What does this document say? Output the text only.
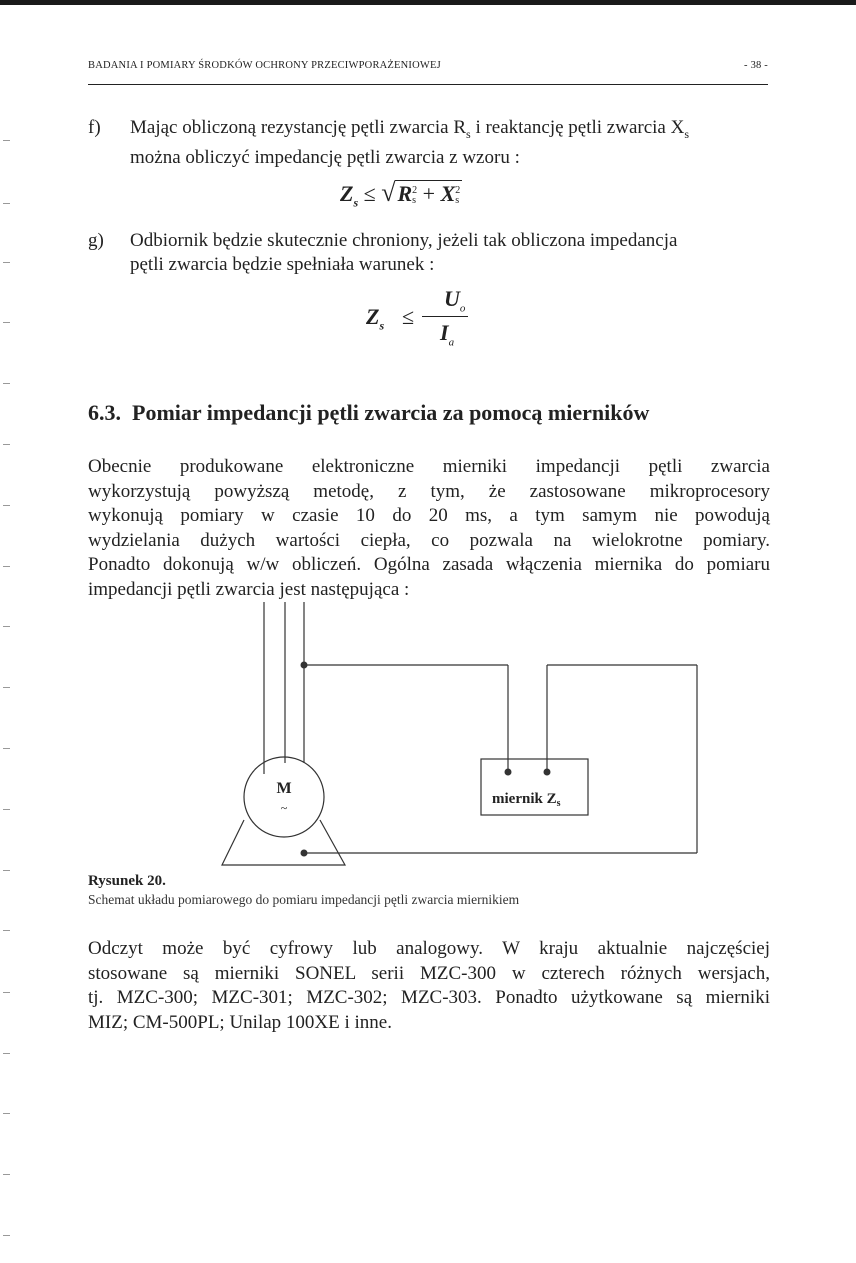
BADANIA I POMIARY ŚRODKÓW OCHRONY PRZECIWPORAŻENIOWEJ	- 38 -
f) Mając obliczoną rezystancję pętli zwarcia $R_s$ i reaktancję pętli zwarcia $X_s$
można obliczyć impedancję pętli zwarcia z wzoru :
$Z_s \le √R$ 2
s + X 2
s
g) Odbiornik będzie skutecznie chroniony, jeżeli tak obliczona impedancja
pętli zwarcia będzie spełniała warunek :
$Z_s$ ≤
$U_o$
$I_a$
6.3. Pomiar impedancji pętli zwarcia za pomocą mierników
Obecnie produkowane elektroniczne mierniki impedancji pętli zwarcia
wykorzystują powyższą metodę, z tym, że zastosowane mikroprocesory
wykonują pomiary w czasie 10 do 20 ms, a tym samym nie powodują
wydzielania dużych wartości ciepła, co pozwala na wielokrotne pomiary.
Ponadto dokonują w/w obliczeń. Ogólna zasada włączenia miernika do pomiaru
impedancji pętli zwarcia jest następująca :
M
~
miernik $Z_s$
Rysunek 20.
Schemat układu pomiarowego do pomiaru impedancji pętli zwarcia miernikiem
Odczyt może być cyfrowy lub analogowy. W kraju aktualnie najczęściej
stosowane są mierniki SONEL serii MZC-300 w czterech różnych wersjach,
tj. MZC-300; MZC-301; MZC-302; MZC-303. Ponadto użytkowane są mierniki
MIZ; CM-500PL; Unilap 100XE i inne.
